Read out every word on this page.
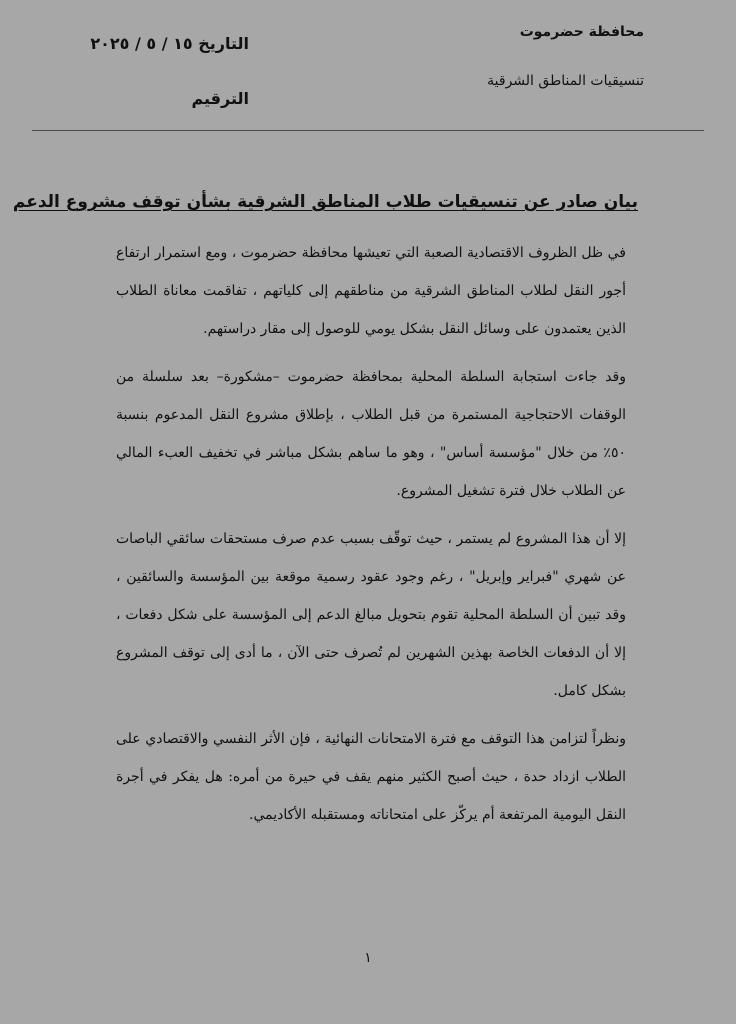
محافظة حضرموت
تنسيقيات المناطق الشرقية
التاريخ ١٥ / ٥ / ٢٠٢٥
الترقيم
بيان صادر عن تنسيقيات طلاب المناطق الشرقية بشأن توقف مشروع الدعم

في ظل الظروف الاقتصادية الصعبة التي تعيشها محافظة حضرموت ، ومع استمرار ارتفاع أجور النقل لطلاب المناطق الشرقية من مناطقهم إلى كلياتهم ، تفاقمت معاناة الطلاب الذين يعتمدون على وسائل النقل بشكل يومي للوصول إلى مقار دراستهم.

وقد جاءت استجابة السلطة المحلية بمحافظة حضرموت –مشكورة– بعد سلسلة من الوقفات الاحتجاجية المستمرة من قبل الطلاب ، بإطلاق مشروع النقل المدعوم بنسبة ٥٠٪ من خلال "مؤسسة أساس" ، وهو ما ساهم بشكل مباشر في تخفيف العبء المالي عن الطلاب خلال فترة تشغيل المشروع.

إلا أن هذا المشروع لم يستمر ، حيث توقّف بسبب عدم صرف مستحقات سائقي الباصات عن شهري "فبراير وإبريل" ، رغم وجود عقود رسمية موقعة بين المؤسسة والسائقين ، وقد تبين أن السلطة المحلية تقوم بتحويل مبالغ الدعم إلى المؤسسة على شكل دفعات ، إلا أن الدفعات الخاصة بهذين الشهرين لم تُصرف حتى الآن ، ما أدى إلى توقف المشروع بشكل كامل.

ونظراً لتزامن هذا التوقف مع فترة الامتحانات النهائية ، فإن الأثر النفسي والاقتصادي على الطلاب ازداد حدة ، حيث أصبح الكثير منهم يقف في حيرة من أمره: هل يفكر في أجرة النقل اليومية المرتفعة أم يركّز على امتحاناته ومستقبله الأكاديمي.

١
